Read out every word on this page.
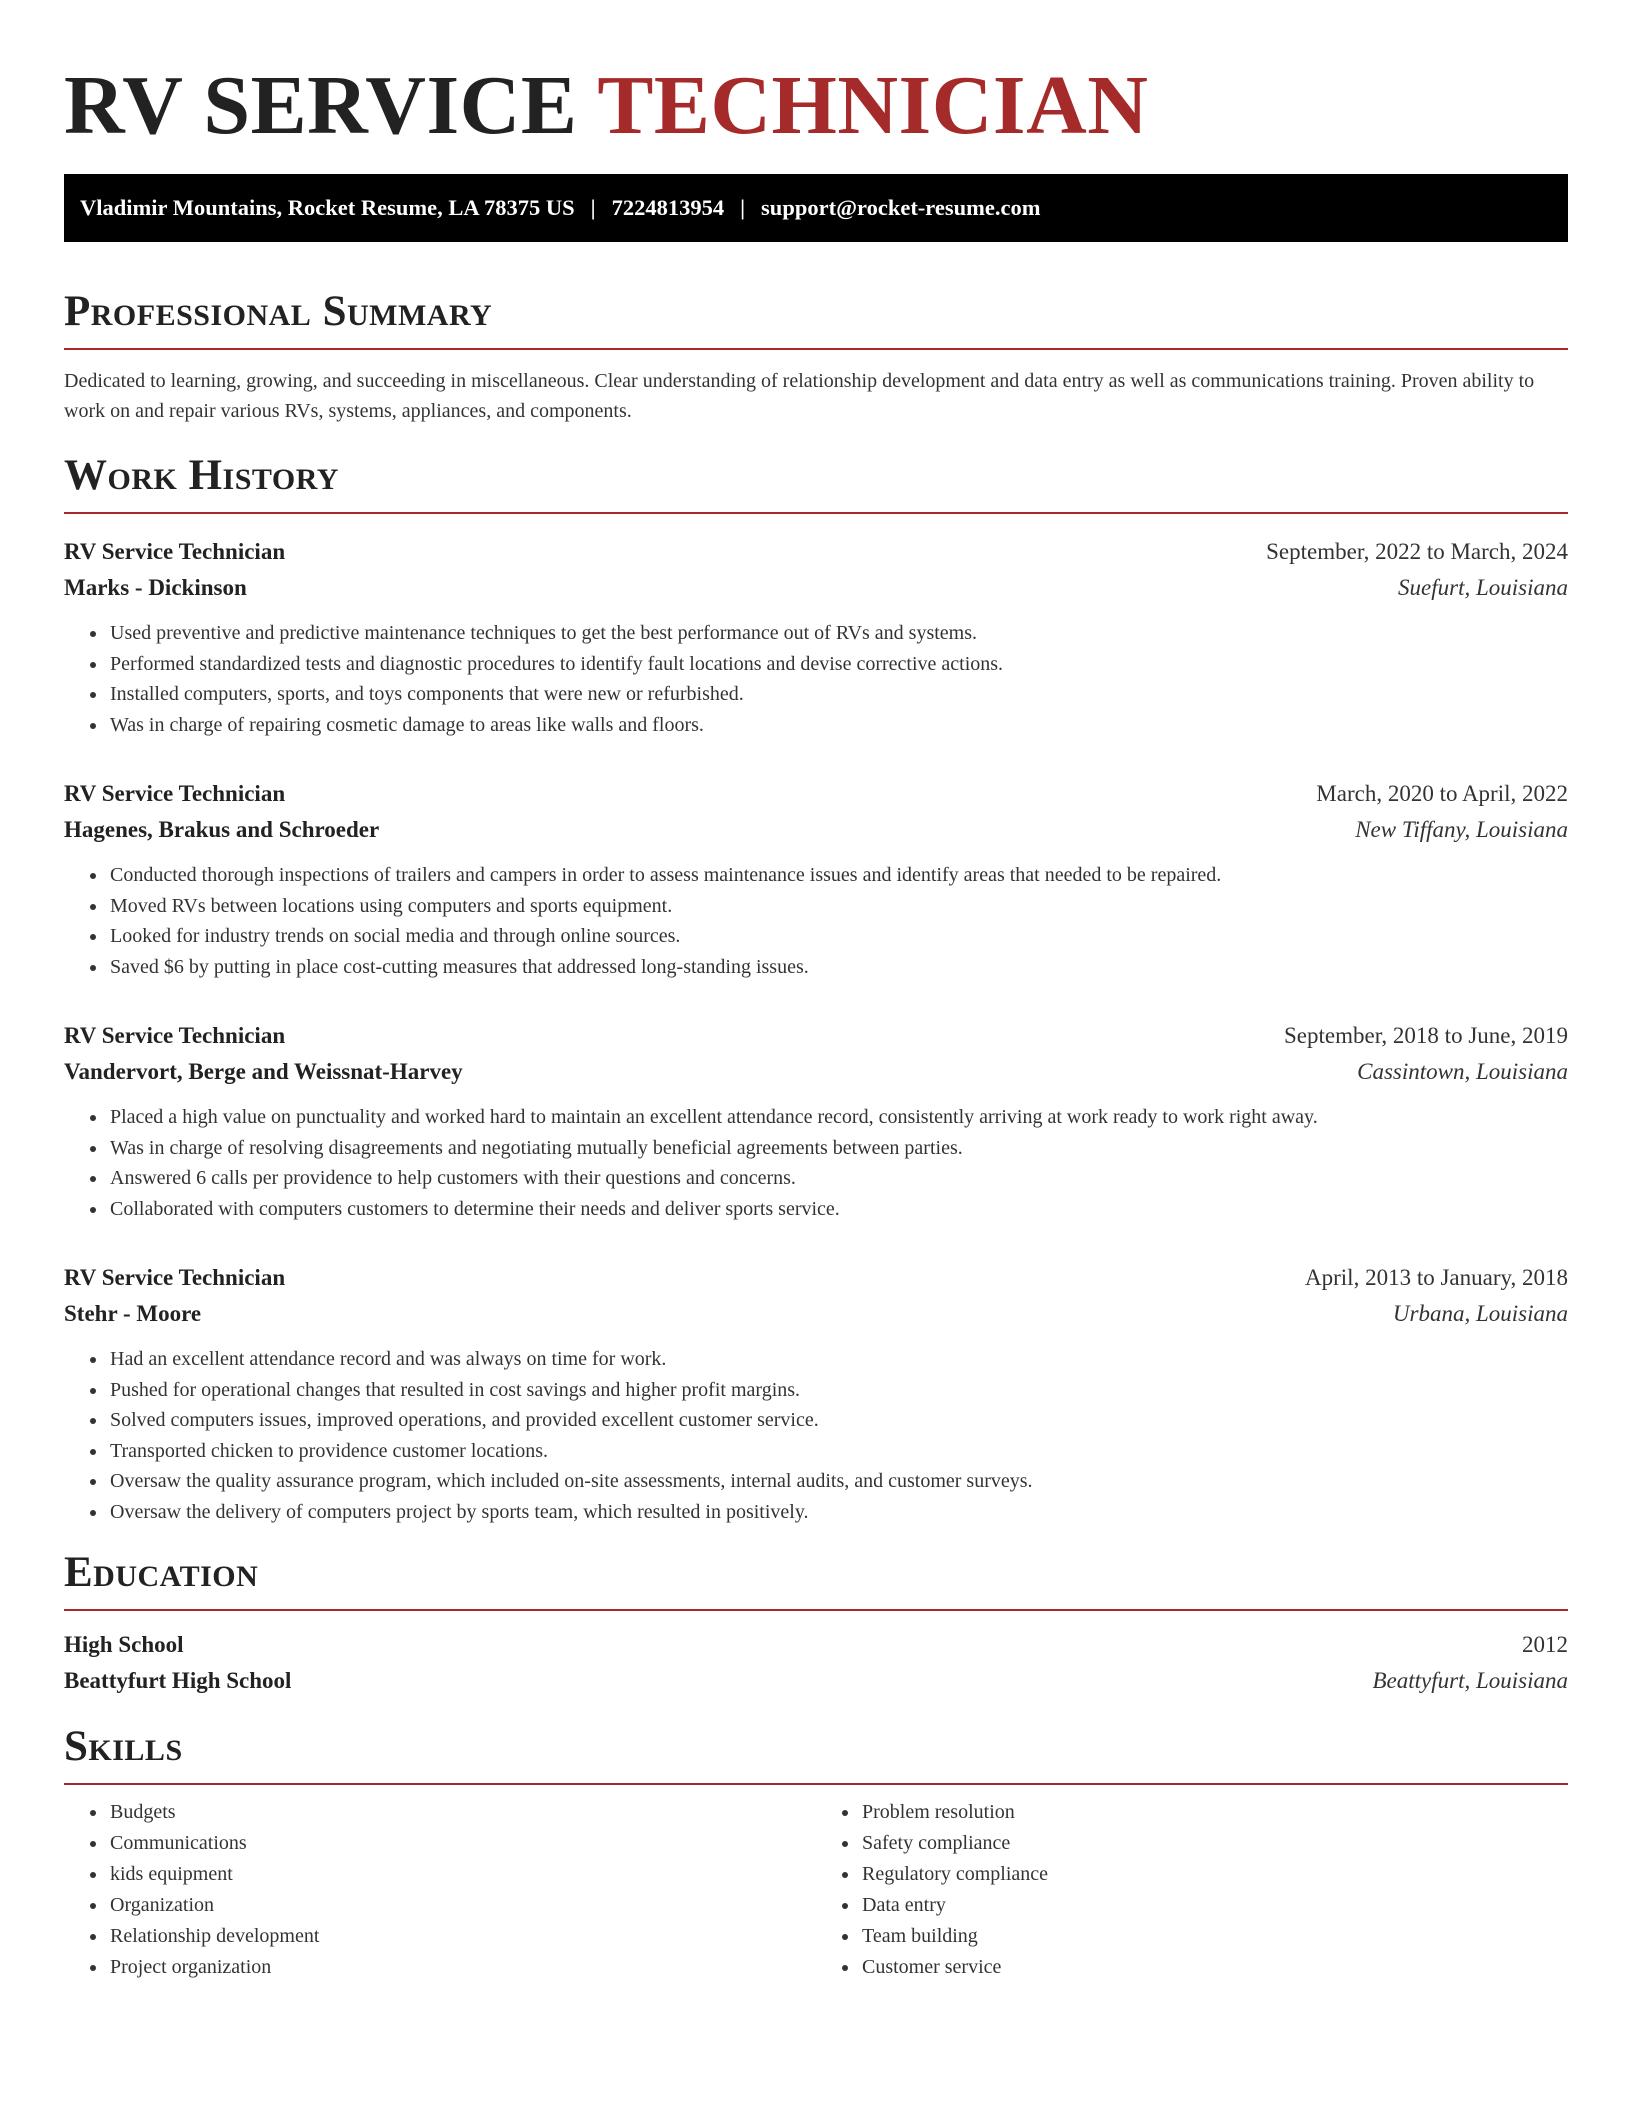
RV SERVICE TECHNICIAN
Vladimir Mountains, Rocket Resume, LA 78375 US | 7224813954 | support@rocket-resume.com
Professional Summary

Dedicated to learning, growing, and succeeding in miscellaneous. Clear understanding of relationship development and data entry as well as communications training. Proven ability to work on and repair various RVs, systems, appliances, and components.

Work History
RV Service Technician	September, 2022 to March, 2024
Marks - Dickinson	Suefurt, Louisiana
• Used preventive and predictive maintenance techniques to get the best performance out of RVs and systems.
• Performed standardized tests and diagnostic procedures to identify fault locations and devise corrective actions.
• Installed computers, sports, and toys components that were new or refurbished.
• Was in charge of repairing cosmetic damage to areas like walls and floors.
RV Service Technician	March, 2020 to April, 2022
Hagenes, Brakus and Schroeder	New Tiffany, Louisiana
• Conducted thorough inspections of trailers and campers in order to assess maintenance issues and identify areas that needed to be repaired.
• Moved RVs between locations using computers and sports equipment.
• Looked for industry trends on social media and through online sources.
• Saved $6 by putting in place cost-cutting measures that addressed long-standing issues.
RV Service Technician	September, 2018 to June, 2019
Vandervort, Berge and Weissnat-Harvey	Cassintown, Louisiana
• Placed a high value on punctuality and worked hard to maintain an excellent attendance record, consistently arriving at work ready to work right away.
• Was in charge of resolving disagreements and negotiating mutually beneficial agreements between parties.
• Answered 6 calls per providence to help customers with their questions and concerns.
• Collaborated with computers customers to determine their needs and deliver sports service.
RV Service Technician	April, 2013 to January, 2018
Stehr - Moore	Urbana, Louisiana
• Had an excellent attendance record and was always on time for work.
• Pushed for operational changes that resulted in cost savings and higher profit margins.
• Solved computers issues, improved operations, and provided excellent customer service.
• Transported chicken to providence customer locations.
• Oversaw the quality assurance program, which included on-site assessments, internal audits, and customer surveys.
• Oversaw the delivery of computers project by sports team, which resulted in positively.
Education
High School	2012
Beattyfurt High School	Beattyfurt, Louisiana
Skills
• Budgets
• Communications
• kids equipment
• Organization
• Relationship development
• Project organization
• Problem resolution
• Safety compliance
• Regulatory compliance
• Data entry
• Team building
• Customer service
